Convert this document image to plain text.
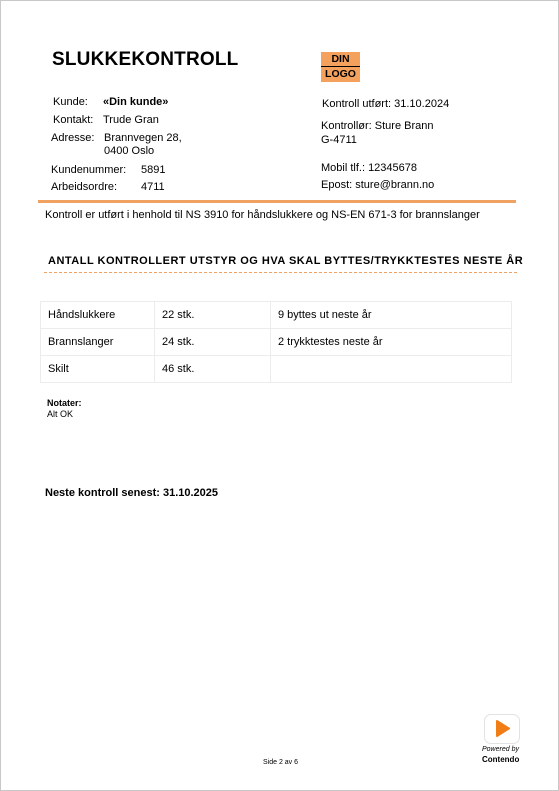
SLUKKEKONTROLL	DIN
LOGO
Kunde: «Din kunde»
Kontakt: Trude Gran
Adresse: Brannvegen 28,
0400 Oslo
Kundenummer: 5891
Arbeidsordre: 4711
Kontroll utført: 31.10.2024
Kontrollør: Sture Brann
G-4711
Mobil tlf.: 12345678
Epost: sture@brann.no
Kontroll er utført i henhold til NS 3910 for håndslukkere og NS-EN 671-3 for brannslanger
ANTALL KONTROLLERT UTSTYR OG HVA SKAL BYTTES/TRYKKTESTES NESTE ÅR
Håndslukkere	22 stk.	9 byttes ut neste år
Brannslanger	24 stk.	2 trykktestes neste år
Skilt	46 stk.	
Notater:
Alt OK
Neste kontroll senest: 31.10.2025
Powered by
Contendo
Side 2 av 6
